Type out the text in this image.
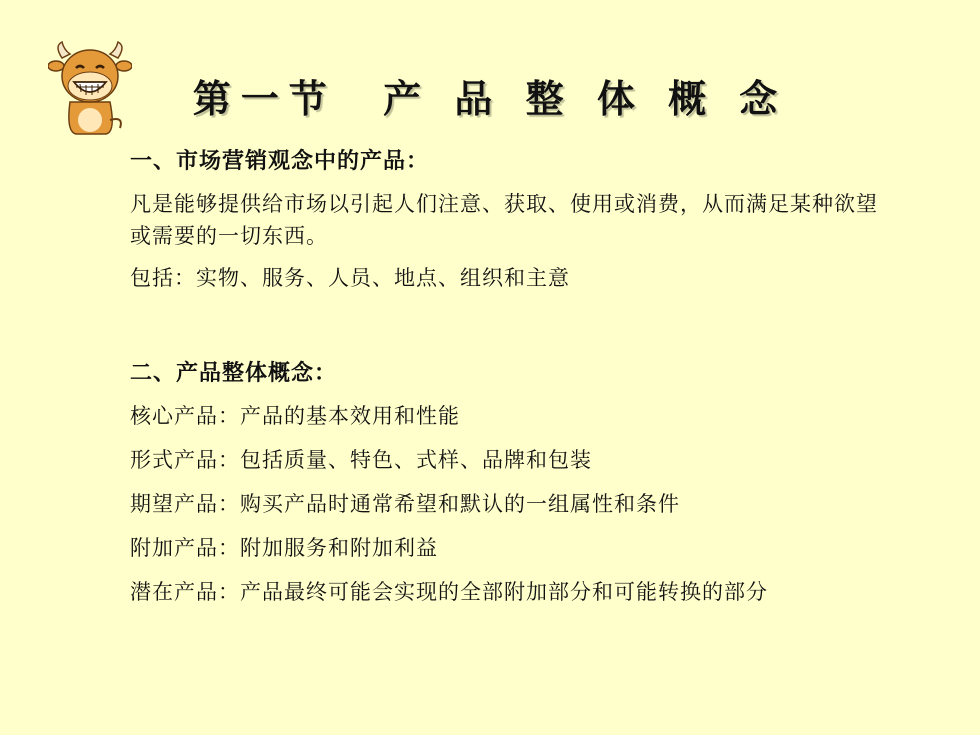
第一节  产 品 整 体 概 念
一、市场营销观念中的产品：
凡是能够提供给市场以引起人们注意、获取、使用或消费，从而满足某种欲望或需要的一切东西。
包括：实物、服务、人员、地点、组织和主意
二、产品整体概念：
核心产品：产品的基本效用和性能
形式产品：包括质量、特色、式样、品牌和包装
期望产品：购买产品时通常希望和默认的一组属性和条件
附加产品：附加服务和附加利益
潜在产品：产品最终可能会实现的全部附加部分和可能转换的部分
